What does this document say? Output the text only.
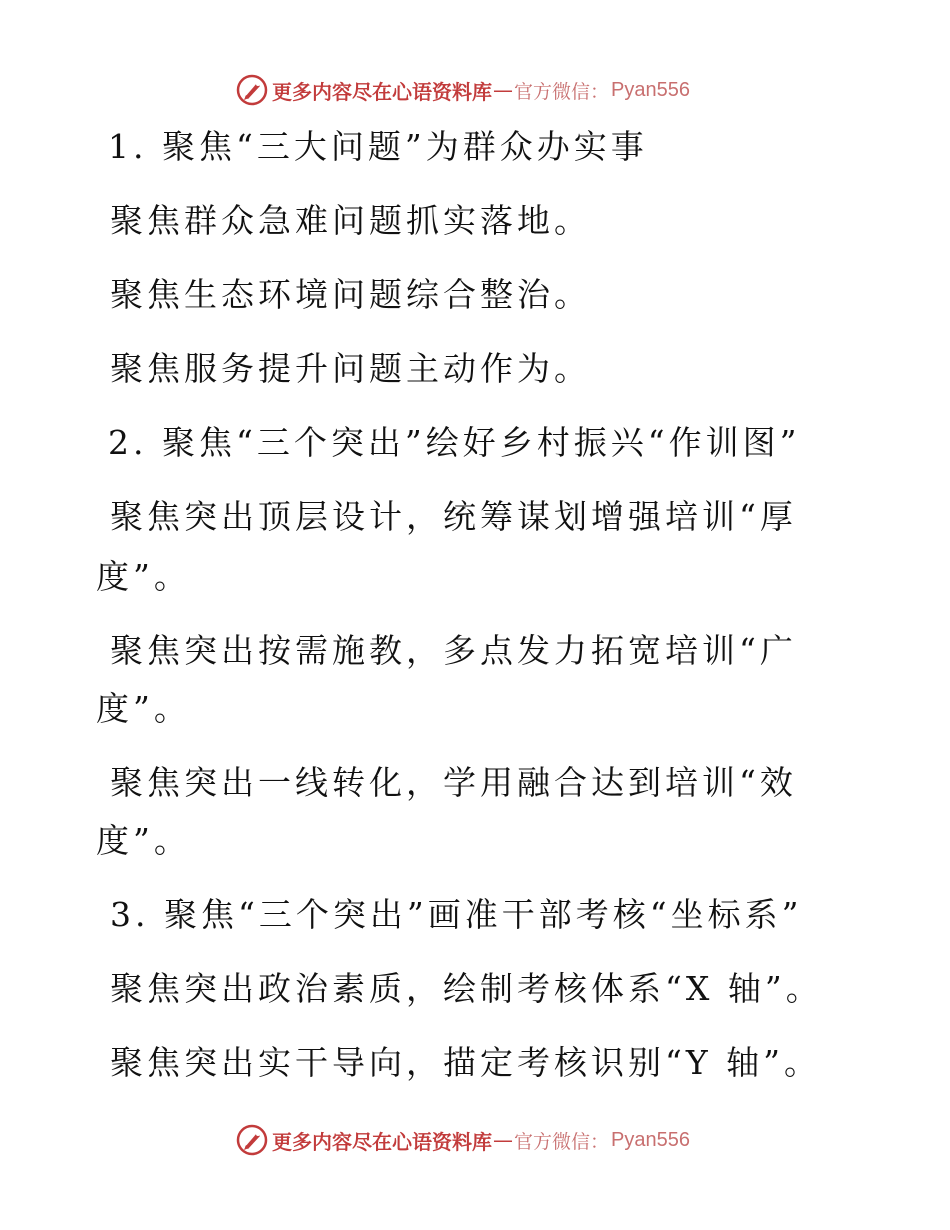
更多内容尽在心语资料库 — 官方微信： Pyan556
1. 聚焦“三大问题”为群众办实事
聚焦群众急难问题抓实落地。
聚焦生态环境问题综合整治。
聚焦服务提升问题主动作为。
2. 聚焦“三个突出”绘好乡村振兴“作训图”
聚焦突出顶层设计，统筹谋划增强培训“厚
度”。
聚焦突出按需施教，多点发力拓宽培训“广
度”。
聚焦突出一线转化，学用融合达到培训“效
度”。
3. 聚焦“三个突出”画准干部考核“坐标系”
聚焦突出政治素质，绘制考核体系“X 轴”。
聚焦突出实干导向，描定考核识别“Y 轴”。
更多内容尽在心语资料库 — 官方微信： Pyan556
